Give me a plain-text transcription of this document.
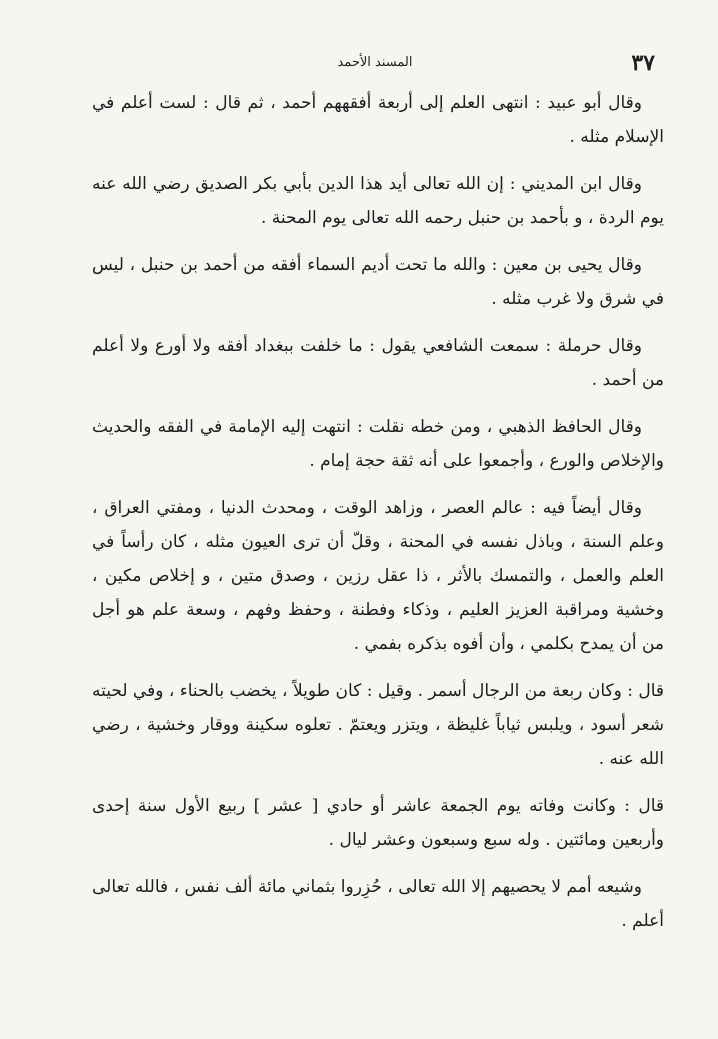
٣٧
المسند الأحمد

وقال أبو عبيد : انتهى العلم إلى أربعة أفقههم أحمد ، ثم قال : لست أعلم في الإسلام مثله .

وقال ابن المديني : إن الله تعالى أيد هذا الدين بأبي بكر الصديق رضي الله عنه يوم الردة ، و بأحمد بن حنبل رحمه الله تعالى يوم المحنة .

وقال يحيى بن معين : والله ما تحت أديم السماء أفقه من أحمد بن حنبل ، ليس في شرق ولا غرب مثله .

وقال حرملة : سمعت الشافعي يقول : ما خلفت ببغداد أفقه ولا أورع ولا أعلم من أحمد .

وقال الحافظ الذهبي ، ومن خطه نقلت : انتهت إليه الإمامة في الفقه والحديث والإخلاص والورع ، وأجمعوا على أنه ثقة حجة إمام .

وقال أيضاً فيه : عالم العصر ، وزاهد الوقت ، ومحدث الدنيا ، ومفتي العراق ، وعلم السنة ، وباذل نفسه في المحنة ، وقلّ أن ترى العيون مثله ، كان رأساً في العلم والعمل ، والتمسك بالأثر ، ذا عقل رزين ، وصدق متين ، و إخلاص مكين ، وخشية ومراقبة العزيز العليم ، وذكاء وفطنة ، وحفظ وفهم ، وسعة علم هو أجل من أن يمدح بكلمي ، وأن أفوه بذكره بفمي .

قال : وكان ربعة من الرجال أسمر . وقيل : كان طويلاً ، يخضب بالحناء ، وفي لحيته شعر أسود ، ويلبس ثياباً غليظة ، ويتزر ويعتمّ . تعلوه سكينة ووقار وخشية ، رضي الله عنه .

قال : وكانت وفاته يوم الجمعة عاشر أو حادي [ عشر ] ربيع الأول سنة إحدى وأربعين ومائتين . وله سبع وسبعون وعشر ليال .

وشيعه أمم لا يحصيهم إلا الله تعالى ، حُزِروا بثماني مائة ألف نفس ، فالله تعالى أعلم .
